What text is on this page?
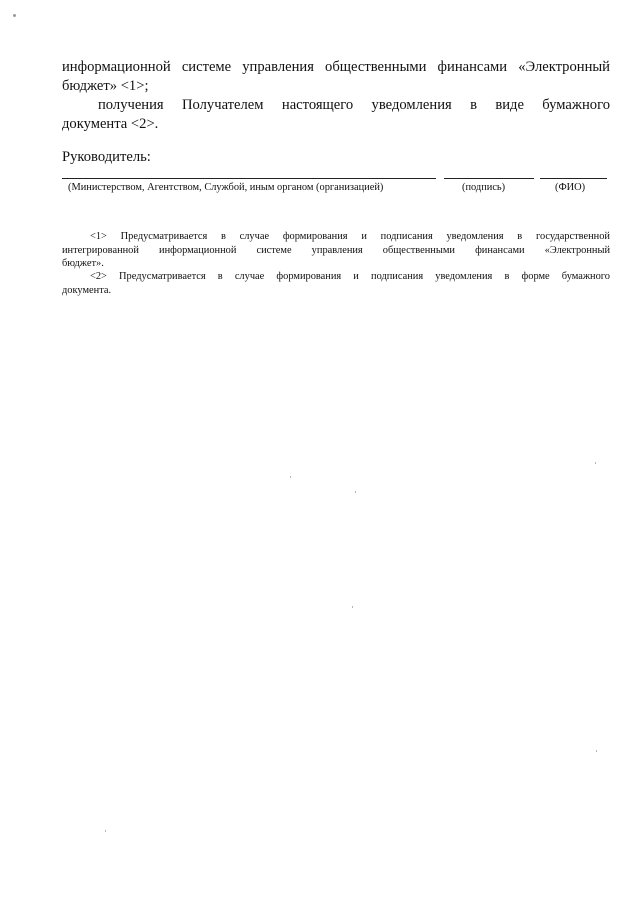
информационной системе управления общественными финансами «Электронный
бюджет» <1>;
получения Получателем настоящего уведомления в виде бумажного
документа <2>.
Руководитель:
(Министерством, Агентством, Службой, иным органом (организацией)	(подпись)	(ФИО)
<1> Предусматривается в случае формирования и подписания уведомления в государственной
интегрированной информационной системе управления общественными финансами «Электронный
бюджет».
<2> Предусматривается в случае формирования и подписания уведомления в форме бумажного
документа.
